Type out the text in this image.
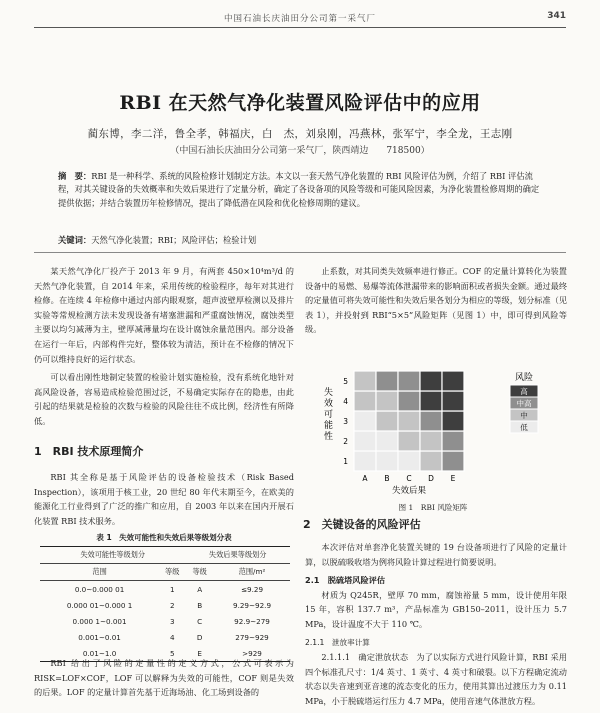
中国石油长庆油田分公司第一采气厂	341
RBI 在天然气净化装置风险评估中的应用
蔺东博，李二洋，鲁全孝，韩福庆，白　杰，刘泉刚，冯燕林，张军宁，李全龙，王志刚
（中国石油长庆油田分公司第一采气厂，陕西靖边　　718500）
摘　要：RBI 是一种科学、系统的风险检修计划制定方法。本文以一套天然气净化装置的 RBI 风险评估为例，介绍了 RBI 评估流程，对其关键设备的失效概率和失效后果进行了定量分析，确定了各设备项的风险等级和可能风险因素，为净化装置检修周期的确定提供依据；并结合装置历年检修情况，提出了降低潜在风险和优化检修周期的建议。
关键词：天然气净化装置；RBI；风险评估；检验计划

某天然气净化厂投产于 2013 年 9 月，有两套 450×10⁴m³/d 的天然气净化装置，自 2014 年来，采用传统的检验程序，每年对其进行检修。在连续 4 年检修中通过内部内眼观察，超声波壁厚检测以及排片实验等常规检测方法未发现设备有堵塞泄漏和严重腐蚀情况，腐蚀类型主要以均匀减薄为主，壁厚减薄量均在设计腐蚀余量范围内。部分设备在运行一年后，内部构件完好，整体较为清洁，预计在不检修的情况下仍可以维持良好的运行状态。

可以看出刚性地制定装置的检验计划实施检验，没有系统化地针对高风险设备，容易造成检验范围过泛，不易确定实际存在的隐患，由此引起的结果就是检验的次数与检验的风险往往不成比例，经济性有所降低。

1　RBI 技术原理简介

RBI 其全称是基于风险评估的设备检验技术（Risk Based Inspection），该项用于核工业，20 世纪 80 年代末期至今，在欧美的能源化工行业得到了广泛的推广和应用，自 2003 年以来在国内开展石化装置 RBI 技术服务。

表 1　失效可能性和失效后果等级划分表
失效可能性等级划分		失效后果等级划分	
范围	等级	等级	范围/m²
0.0~0.000 01	1	A	≤9.29
0.000 01~0.000 1	2	B	9.29~92.9
0.000 1~0.001	3	C	92.9~279
0.001~0.01	4	D	279~929
0.01~1.0	5	E	>929

RBI 给出了风险的定量性的定义方式，公式可表示为 RISK=LOF×COF，LOF 可以解释为失效的可能性，COF 则是失效的后果。LOF 的定量计算首先基于近海场油、化工场到设备的

止系数，对其同类失效频率进行修正。COF 的定量计算转化为装置设备中的易燃、易爆等流体泄漏带来的影响面积或者损失金额。通过最终的定量值可将失效可能性和失效后果各划分为相应的等级，划分标准（见表 1），并投射到 RBI“5×5”风险矩阵（见图 1）中，即可得到风险等级。

1
2
3
4
5
A B C D E
失效可能性
失效后果
风险
高
中高
中
低
图 1　RBI 风险矩阵
2　关键设备的风险评估

本次评估对单套净化装置关键的 19 台设备项进行了风险的定量计算，以脱硫吸收塔为例将风险计算过程进行简要说明。

2.1　脱硫塔风险评估

材质为 Q245R，壁厚 70 mm，腐蚀裕量 5 mm，设计使用年限 15 年，容积 137.7 m³，产品标准为 GB150–2011，设计压力 5.7 MPa，设计温度不大于 110 ℃。

2.1.1　泄放率计算

2.1.1.1　确定泄放状态　为了以实际方式进行风险计算，RBI 采用四个标准孔尺寸：1/4 英寸、1 英寸、4 英寸和破裂。以下方程确定流动状态以失音速到亚音速的流态变化的压力，使用其算出过渡压力为 0.11 MPa，小于脱硫塔运行压力 4.7 MPa，使用音速气体泄放方程。
